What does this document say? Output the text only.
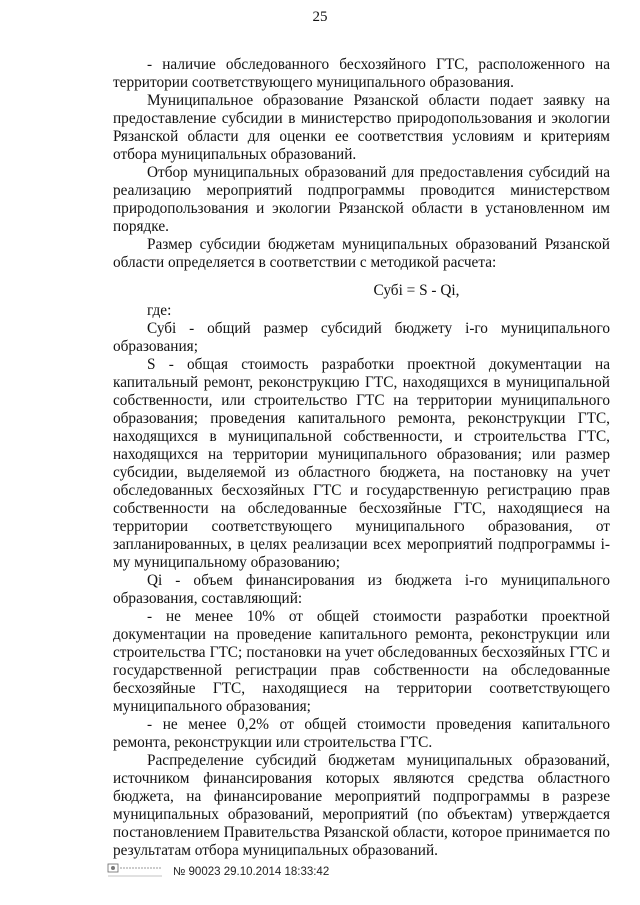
25

- наличие обследованного бесхозяйного ГТС, расположенного на территории соответствующего муниципального образования.

Муниципальное образование Рязанской области подает заявку на предоставление субсидии в министерство природопользования и экологии Рязанской области для оценки ее соответствия условиям и критериям отбора муниципальных образований.

Отбор муниципальных образований для предоставления субсидий на реализацию мероприятий подпрограммы проводится министерством природопользования и экологии Рязанской области в установленном им порядке.

Размер субсидии бюджетам муниципальных образований Рязанской области определяется в соответствии с методикой расчета:

Субі = S - Qі,

где:

Субі - общий размер субсидий бюджету і-го муниципального образования;

S - общая стоимость разработки проектной документации на капитальный ремонт, реконструкцию ГТС, находящихся в муниципальной собственности, или строительство ГТС на территории муниципального образования; проведения капитального ремонта, реконструкции ГТС, находящихся в муниципальной собственности, и строительства ГТС, находящихся на территории муниципального образования; или размер субсидии, выделяемой из областного бюджета, на постановку на учет обследованных бесхозяйных ГТС и государственную регистрацию прав собственности на обследованные бесхозяйные ГТС, находящиеся на территории соответствующего муниципального образования, от запланированных, в целях реализации всех мероприятий подпрограммы і-му муниципальному образованию;

Qі - объем финансирования из бюджета і-го муниципального образования, составляющий:

- не менее 10% от общей стоимости разработки проектной документации на проведение капитального ремонта, реконструкции или строительства ГТС; постановки на учет обследованных бесхозяйных ГТС и государственной регистрации прав собственности на обследованные бесхозяйные ГТС, находящиеся на территории соответствующего муниципального образования;

- не менее 0,2% от общей стоимости проведения капитального ремонта, реконструкции или строительства ГТС.

Распределение субсидий бюджетам муниципальных образований, источником финансирования которых являются средства областного бюджета, на финансирование мероприятий подпрограммы в разрезе муниципальных образований, мероприятий (по объектам) утверждается постановлением Правительства Рязанской области, которое принимается по результатам отбора муниципальных образований.

№ 90023 29.10.2014 18:33:42
